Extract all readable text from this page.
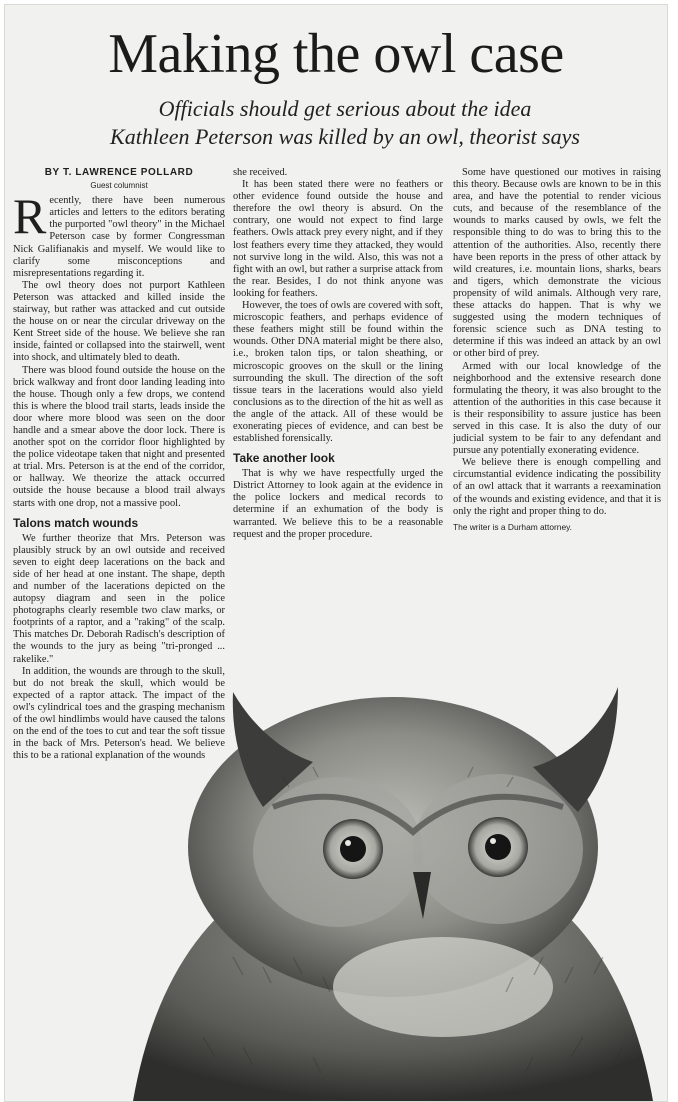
Making the owl case
Officials should get serious about the idea
Kathleen Peterson was killed by an owl, theorist says
BY T. LAWRENCE POLLARD
Guest columnist

Recently, there have been numerous articles and letters to the editors berating the purported "owl theory" in the Michael Peterson case by former Congressman Nick Galifianakis and myself. We would like to clarify some misconceptions and misrepresentations regarding it.

The owl theory does not purport Kathleen Peterson was attacked and killed inside the stairway, but rather was attacked and cut outside the house on or near the circular driveway on the Kent Street side of the house. We believe she ran inside, fainted or collapsed into the stairwell, went into shock, and ultimately bled to death.

There was blood found outside the house on the brick walkway and front door landing leading into the house. Though only a few drops, we contend this is where the blood trail starts, leads inside the door where more blood was seen on the door handle and a smear above the door lock. There is another spot on the corridor floor highlighted by the police videotape taken that night and presented at trial. Mrs. Peterson is at the end of the corridor, or hallway. We theorize the attack occurred outside the house because a blood trail always starts with one drop, not a massive pool.

Talons match wounds

We further theorize that Mrs. Peterson was plausibly struck by an owl outside and received seven to eight deep lacerations on the back and side of her head at one instant. The shape, depth and number of the lacerations depicted on the autopsy diagram and seen in the police photographs clearly resemble two claw marks, or footprints of a raptor, and a "raking" of the scalp. This matches Dr. Deborah Radisch's description of the wounds to the jury as being "tri-pronged ... rakelike."

In addition, the wounds are through to the skull, but do not break the skull, which would be expected of a raptor attack. The impact of the owl's cylindrical toes and the grasping mechanism of the owl hindlimbs would have caused the talons on the end of the toes to cut and tear the soft tissue in the back of Mrs. Peterson's head. We believe this to be a rational explanation of the wounds

she received.

It has been stated there were no feathers or other evidence found outside the house and therefore the owl theory is absurd. On the contrary, one would not expect to find large feathers. Owls attack prey every night, and if they lost feathers every time they attacked, they would not survive long in the wild. Also, this was not a fight with an owl, but rather a surprise attack from the rear. Besides, I do not think anyone was looking for feathers.

However, the toes of owls are covered with soft, microscopic feathers, and perhaps evidence of these feathers might still be found within the wounds. Other DNA material might be there also, i.e., broken talon tips, or talon sheathing, or microscopic grooves on the skull or the lining surrounding the skull. The direction of the soft tissue tears in the lacerations would also yield conclusions as to the direction of the hit as well as the angle of the attack. All of these would be exonerating pieces of evidence, and can best be established forensically.

Take another look

That is why we have respectfully urged the District Attorney to look again at the evidence in the police lockers and medical records to determine if an exhumation of the body is warranted. We believe this to be a reasonable request and the proper procedure.

Some have questioned our motives in raising this theory. Because owls are known to be in this area, and have the potential to render vicious cuts, and because of the resemblance of the wounds to marks caused by owls, we felt the responsible thing to do was to bring this to the attention of the authorities. Also, recently there have been reports in the press of other attack by wild creatures, i.e. mountain lions, sharks, bears and tigers, which demonstrate the vicious propensity of wild animals. Although very rare, these attacks do happen. That is why we suggested using the modern techniques of forensic science such as DNA testing to determine if this was indeed an attack by an owl or other bird of prey.

Armed with our local knowledge of the neighborhood and the extensive research done formulating the theory, it was also brought to the attention of the authorities in this case because it is their responsibility to assure justice has been served in this case. It is also the duty of our judicial system to be fair to any defendant and pursue any potentially exonerating evidence.

We believe there is enough compelling and circumstantial evidence indicating the possibility of an owl attack that it warrants a reexamination of the wounds and existing evidence, and that it is only the right and proper thing to do.

The writer is a Durham attorney.
